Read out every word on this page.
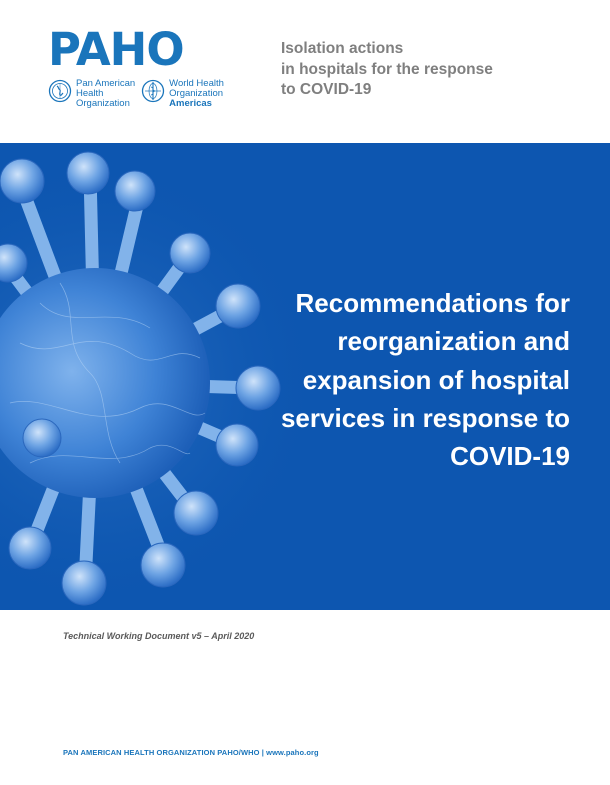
PAHO
Pan American
Health
Organization
World Health
Organization
Americas
Isolation actions
in hospitals for the response
to COVID-19
Recommendations for
reorganization and
expansion of hospital
services in response to
COVID-19
Technical Working Document v5 – April 2020
PAN AMERICAN HEALTH ORGANIZATION PAHO/WHO | www.paho.org
